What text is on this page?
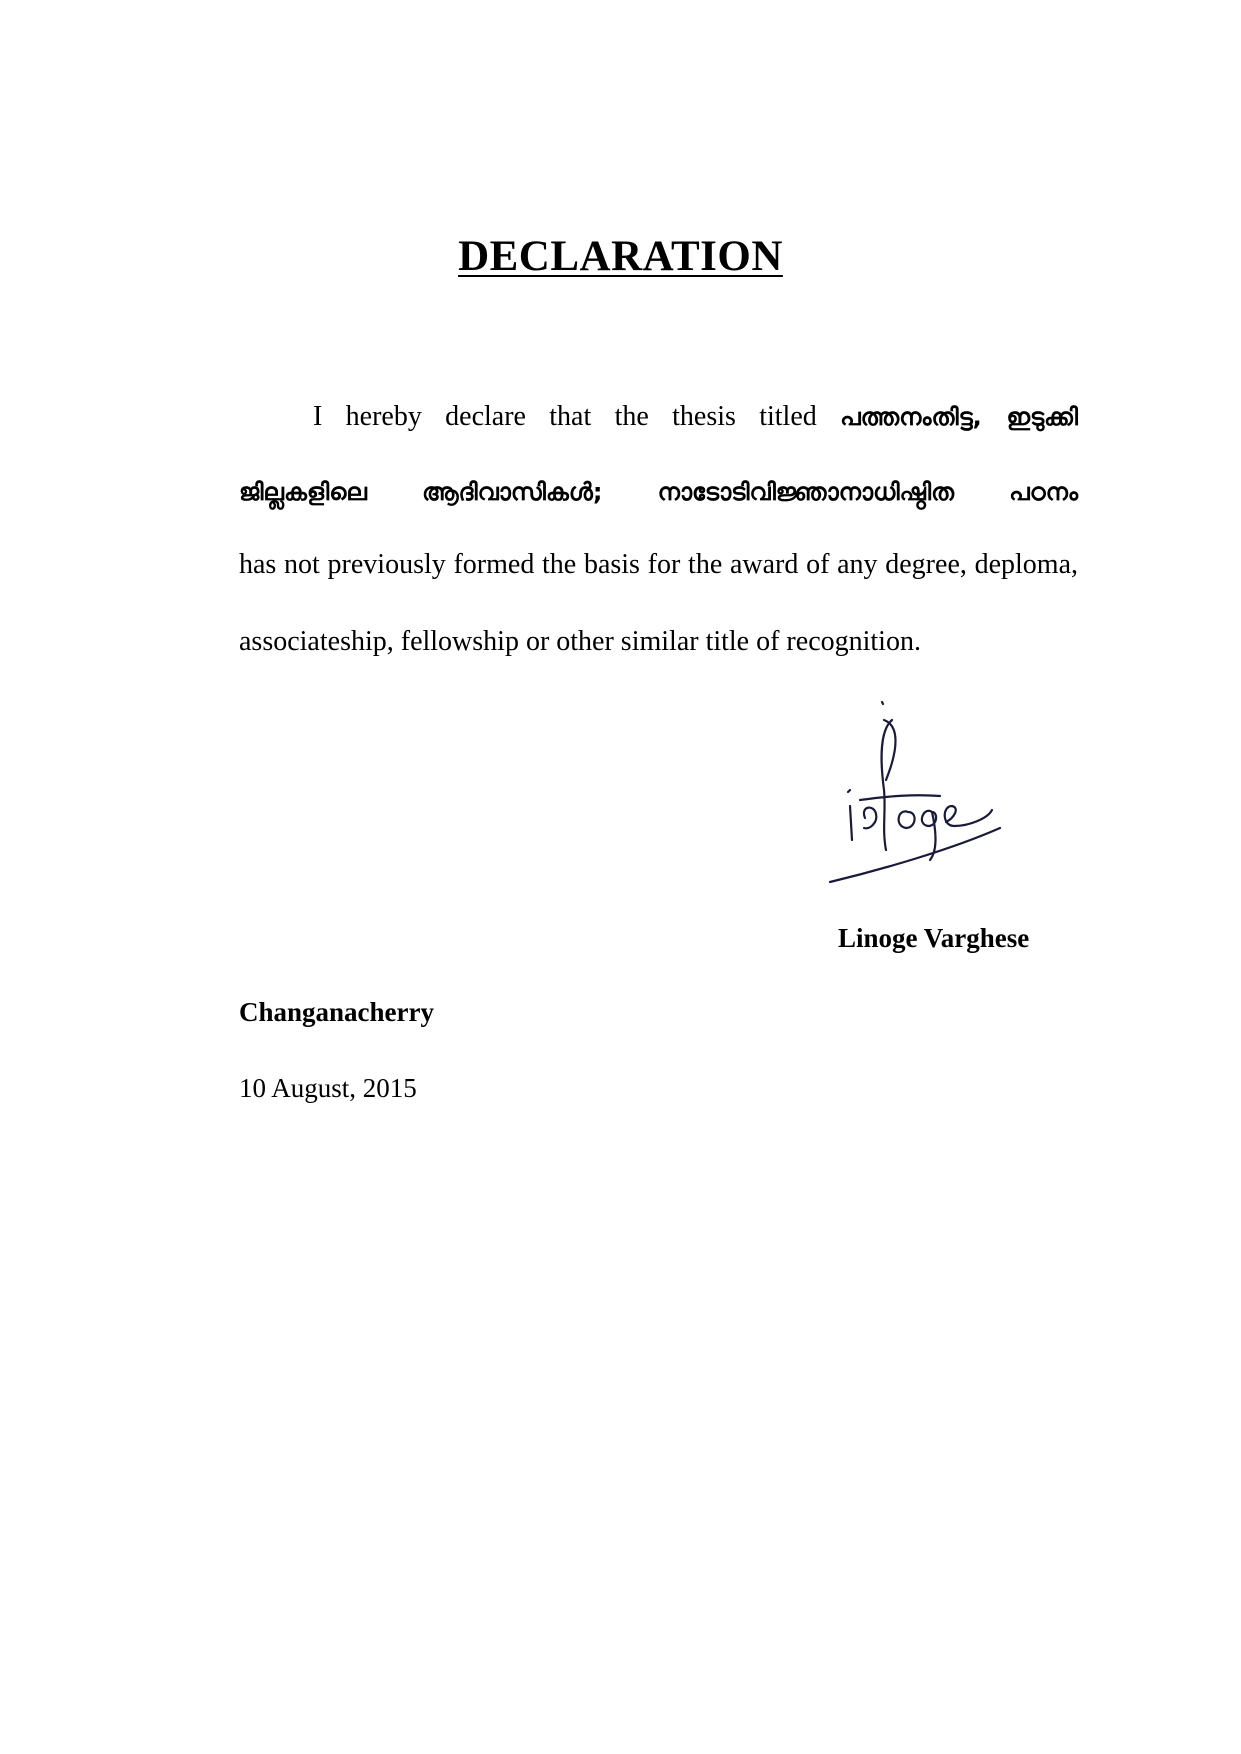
DECLARATION
I hereby declare that the thesis titled പത്തനംതിട്ട, ഇടുക്കി
ജില്ലകളിലെ ആദിവാസികൾ; നാടോടിവിജ്ഞാനാധിഷ്ഠിത പഠനം
has not previously formed the basis for the award of any degree, deploma,
associateship, fellowship or other similar title of recognition.
Linoge Varghese
Changanacherry
10 August, 2015
